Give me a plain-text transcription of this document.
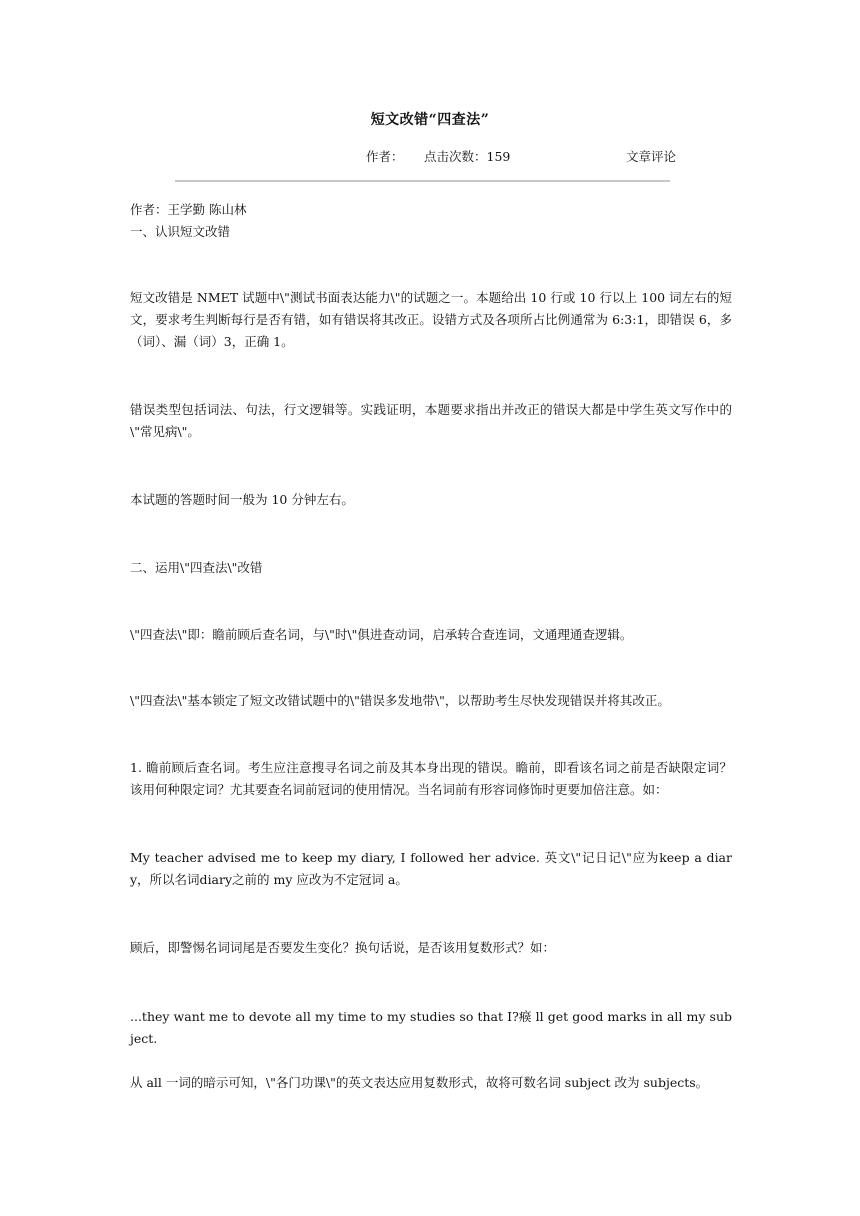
短文改错“四查法”
作者： 点击次数：159	文章评论

作者：王学勤 陈山林

一、认识短文改错

短文改错是 NMET 试题中\"测试书面表达能力\"的试题之一。本题给出 10 行或 10 行以上 100 词左右的短文，要求考生判断每行是否有错，如有错误将其改正。设错方式及各项所占比例通常为 6:3:1，即错误 6，多（词）、漏（词）3，正确 1。

错误类型包括词法、句法，行文逻辑等。实践证明，本题要求指出并改正的错误大都是中学生英文写作中的\"常见病\"。

本试题的答题时间一般为 10 分钟左右。

二、运用\"四查法\"改错

\"四查法\"即：瞻前顾后查名词，与\"时\"俱进查动词，启承转合查连词，文通理通查逻辑。

\"四查法\"基本锁定了短文改错试题中的\"错误多发地带\"，以帮助考生尽快发现错误并将其改正。

1. 瞻前顾后查名词。考生应注意搜寻名词之前及其本身出现的错误。瞻前，即看该名词之前是否缺限定词？该用何种限定词？尤其要查名词前冠词的使用情况。当名词前有形容词修饰时更要加倍注意。如：

My teacher advised me to keep my diary, I followed her advice. 英文\"记日记\"应为keep a diary，所以名词diary之前的 my 应改为不定冠词 a。

顾后，即警惕名词词尾是否要发生变化？换句话说，是否该用复数形式？如：

...they want me to devote all my time to my studies so that I?瘊 ll get good marks in all my subject.

从 all 一词的暗示可知，\"各门功课\"的英文表达应用复数形式，故将可数名词 subject 改为 subjects。
